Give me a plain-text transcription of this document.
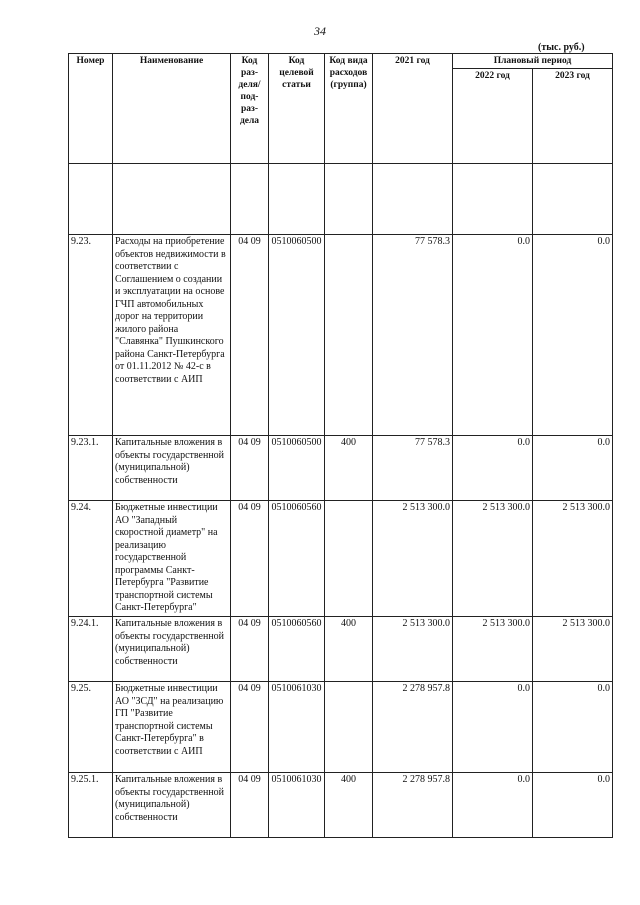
34
(тыс. руб.)
Номер	Наименование	Код раз-деля/ под-раз-дела	Код целевой статьи	Код вида расходов (группа)	2021 год	Плановый период	
						2022 год	2023 год

9.23.	Расходы на приобретение объектов недвижимости в соответствии с Соглашением о создании и эксплуатации на основе ГЧП автомобильных дорог на территории жилого района "Славянка" Пушкинского района Санкт-Петербурга от 01.11.2012 № 42-с в соответствии с АИП	04 09	0510060500		77 578.3	0.0	0.0
9.23.1.	Капитальные вложения в объекты государственной (муниципальной) собственности	04 09	0510060500	400	77 578.3	0.0	0.0
9.24.	Бюджетные инвестиции АО "Западный скоростной диаметр" на реализацию государственной программы Санкт-Петербурга "Развитие транспортной системы Санкт-Петербурга"	04 09	0510060560		2 513 300.0	2 513 300.0	2 513 300.0
9.24.1.	Капитальные вложения в объекты государственной (муниципальной) собственности	04 09	0510060560	400	2 513 300.0	2 513 300.0	2 513 300.0
9.25.	Бюджетные инвестиции АО "ЗСД" на реализацию ГП "Развитие транспортной системы Санкт-Петербурга" в соответствии с АИП	04 09	0510061030		2 278 957.8	0.0	0.0
9.25.1.	Капитальные вложения в объекты государственной (муниципальной) собственности	04 09	0510061030	400	2 278 957.8	0.0	0.0
